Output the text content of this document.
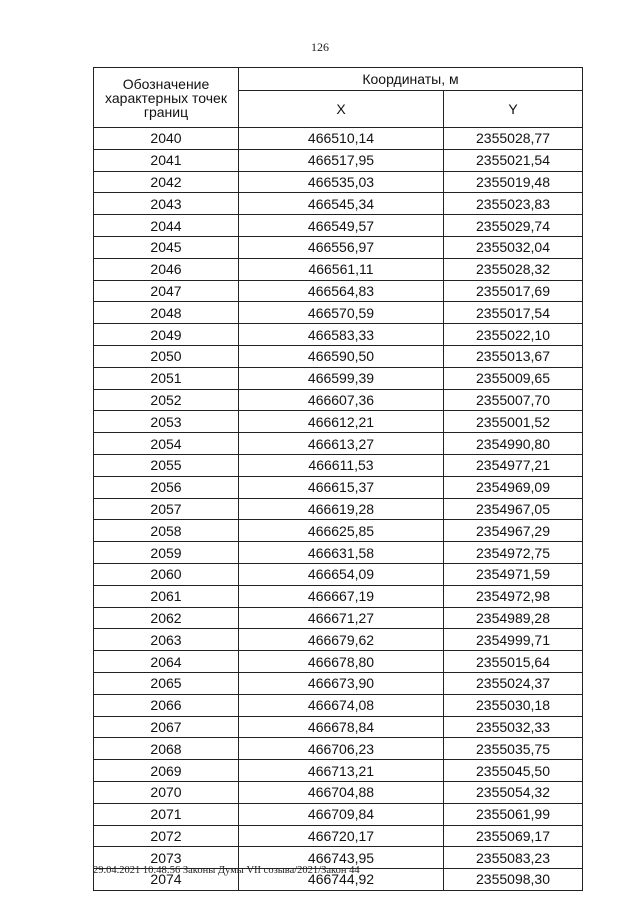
126
Обозначение характерных точек границ	Координаты, м	
	X	Y
2040	466510,14	2355028,77
2041	466517,95	2355021,54
2042	466535,03	2355019,48
2043	466545,34	2355023,83
2044	466549,57	2355029,74
2045	466556,97	2355032,04
2046	466561,11	2355028,32
2047	466564,83	2355017,69
2048	466570,59	2355017,54
2049	466583,33	2355022,10
2050	466590,50	2355013,67
2051	466599,39	2355009,65
2052	466607,36	2355007,70
2053	466612,21	2355001,52
2054	466613,27	2354990,80
2055	466611,53	2354977,21
2056	466615,37	2354969,09
2057	466619,28	2354967,05
2058	466625,85	2354967,29
2059	466631,58	2354972,75
2060	466654,09	2354971,59
2061	466667,19	2354972,98
2062	466671,27	2354989,28
2063	466679,62	2354999,71
2064	466678,80	2355015,64
2065	466673,90	2355024,37
2066	466674,08	2355030,18
2067	466678,84	2355032,33
2068	466706,23	2355035,75
2069	466713,21	2355045,50
2070	466704,88	2355054,32
2071	466709,84	2355061,99
2072	466720,17	2355069,17
2073	466743,95	2355083,23
2074	466744,92	2355098,30
29.04.2021 10:48:56 Законы Думы VII созыва/2021/Закон 44
